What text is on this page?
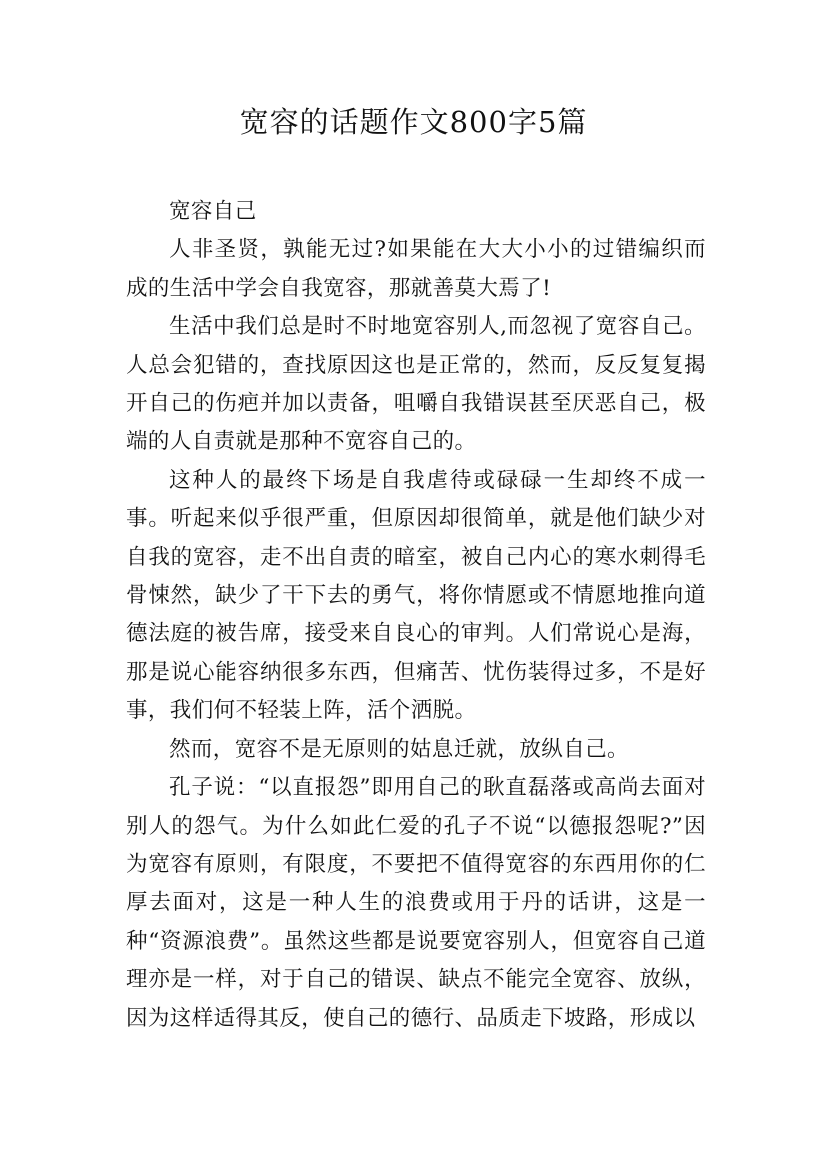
宽容的话题作文800字5篇

宽容自己

人非圣贤，孰能无过?如果能在大大小小的过错编织而成的生活中学会自我宽容，那就善莫大焉了!

生活中我们总是时不时地宽容别人,而忽视了宽容自己。人总会犯错的，查找原因这也是正常的，然而，反反复复揭开自己的伤疤并加以责备，咀嚼自我错误甚至厌恶自己，极端的人自责就是那种不宽容自己的。

这种人的最终下场是自我虐待或碌碌一生却终不成一事。听起来似乎很严重，但原因却很简单，就是他们缺少对自我的宽容，走不出自责的暗室，被自己内心的寒水刺得毛骨悚然，缺少了干下去的勇气，将你情愿或不情愿地推向道德法庭的被告席，接受来自良心的审判。人们常说心是海，那是说心能容纳很多东西，但痛苦、忧伤装得过多，不是好事，我们何不轻装上阵，活个洒脱。

然而，宽容不是无原则的姑息迁就，放纵自己。

孔子说：“以直报怨”即用自己的耿直磊落或高尚去面对别人的怨气。为什么如此仁爱的孔子不说“以德报怨呢?”因为宽容有原则，有限度，不要把不值得宽容的东西用你的仁厚去面对，这是一种人生的浪费或用于丹的话讲，这是一种“资源浪费”。虽然这些都是说要宽容别人，但宽容自己道理亦是一样，对于自己的错误、缺点不能完全宽容、放纵，因为这样适得其反，使自己的德行、品质走下坡路，形成以
